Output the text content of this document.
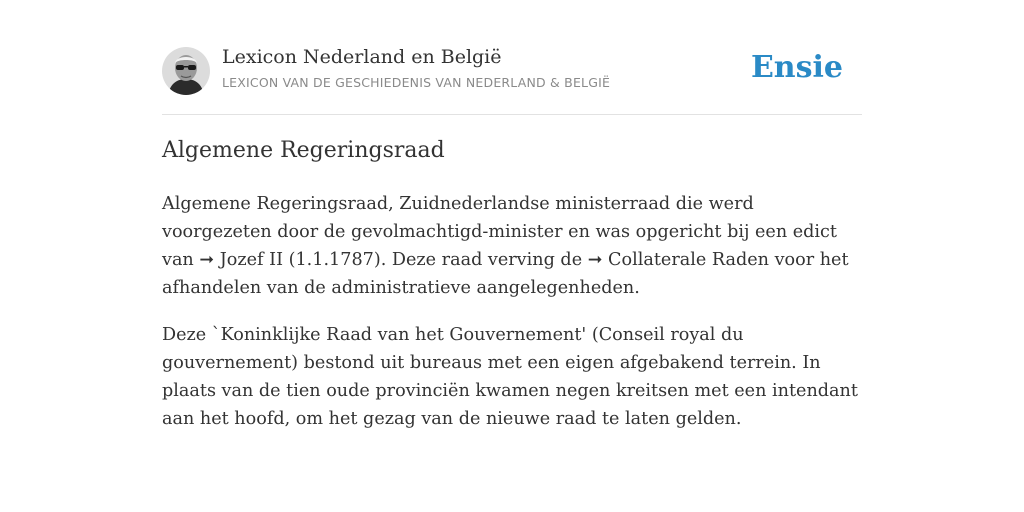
Lexicon Nederland en België
LEXICON VAN DE GESCHIEDENIS VAN NEDERLAND & BELGIË	Ensie
Algemene Regeringsraad

Algemene Regeringsraad, Zuidnederlandse ministerraad die werd voorgezeten door de gevolmachtigd-minister en was opgericht bij een edict van ➞ Jozef II (1.1.1787). Deze raad verving de ➞ Collaterale Raden voor het afhandelen van de administratieve aangelegenheden.

Deze `Koninklijke Raad van het Gouvernement' (Conseil royal du gouvernement) bestond uit bureaus met een eigen afgebakend terrein. In plaats van de tien oude provinciën kwamen negen kreitsen met een intendant aan het hoofd, om het gezag van de nieuwe raad te laten gelden.
